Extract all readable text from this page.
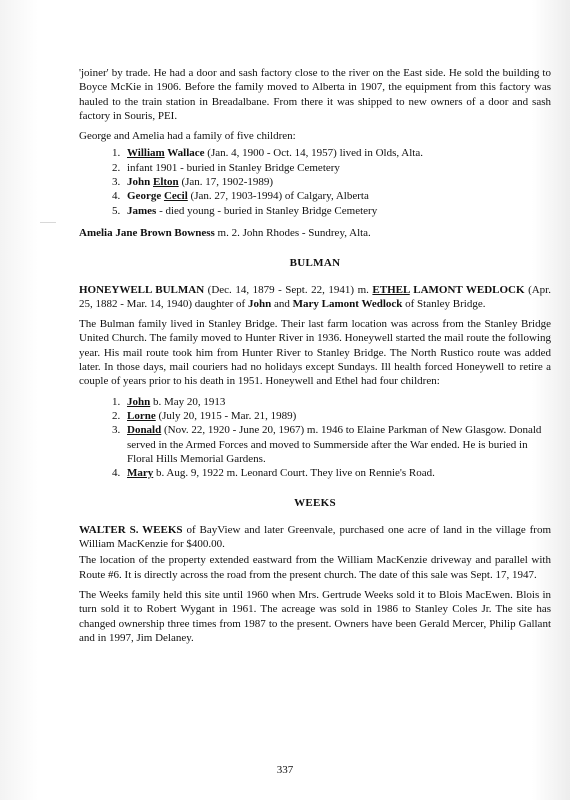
'joiner' by trade. He had a door and sash factory close to the river on the East side. He sold the building to Boyce McKie in 1906. Before the family moved to Alberta in 1907, the equipment from this factory was hauled to the train station in Breadalbane. From there it was shipped to new owners of a door and sash factory in Souris, PEI.

George and Amelia had a family of five children:

1. William Wallace (Jan. 4, 1900 - Oct. 14, 1957) lived in Olds, Alta.
2. infant 1901 - buried in Stanley Bridge Cemetery
3. John Elton (Jan. 17, 1902-1989)
4. George Cecil (Jan. 27, 1903-1994) of Calgary, Alberta
5. James - died young - buried in Stanley Bridge Cemetery

Amelia Jane Brown Bowness m. 2. John Rhodes - Sundrey, Alta.

BULMAN

HONEYWELL BULMAN (Dec. 14, 1879 - Sept. 22, 1941) m. ETHEL LAMONT WEDLOCK (Apr. 25, 1882 - Mar. 14, 1940) daughter of John and Mary Lamont Wedlock of Stanley Bridge.

The Bulman family lived in Stanley Bridge. Their last farm location was across from the Stanley Bridge United Church. The family moved to Hunter River in 1936. Honeywell started the mail route the following year. His mail route took him from Hunter River to Stanley Bridge. The North Rustico route was added later. In those days, mail couriers had no holidays except Sundays. Ill health forced Honeywell to retire a couple of years prior to his death in 1951. Honeywell and Ethel had four children:

1. John b. May 20, 1913
2. Lorne (July 20, 1915 - Mar. 21, 1989)
3. Donald (Nov. 22, 1920 - June 20, 1967) m. 1946 to Elaine Parkman of New Glasgow. Donald served in the Armed Forces and moved to Summerside after the War ended. He is buried in Floral Hills Memorial Gardens.
4. Mary b. Aug. 9, 1922 m. Leonard Court. They live on Rennie's Road.
WEEKS

WALTER S. WEEKS of BayView and later Greenvale, purchased one acre of land in the village from William MacKenzie for $400.00.

The location of the property extended eastward from the William MacKenzie driveway and parallel with Route #6. It is directly across the road from the present church. The date of this sale was Sept. 17, 1947.

The Weeks family held this site until 1960 when Mrs. Gertrude Weeks sold it to Blois MacEwen. Blois in turn sold it to Robert Wygant in 1961. The acreage was sold in 1986 to Stanley Coles Jr. The site has changed ownership three times from 1987 to the present. Owners have been Gerald Mercer, Philip Gallant and in 1997, Jim Delaney.

337
